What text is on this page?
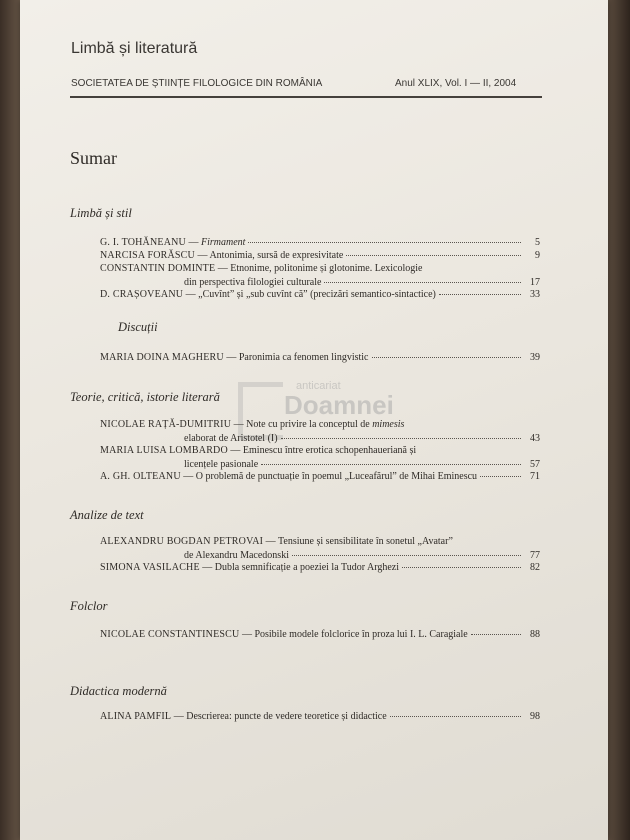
Limbă și literatură
SOCIETATEA DE ȘTIINȚE FILOLOGICE DIN ROMÂNIA	Anul XLIX, Vol. I — II, 2004
Sumar
anticariat
Doamnei
Limbă și stil
G. I. TOHĂNEANU — Firmament	5
NARCISA FORĂSCU — Antonimia, sursă de expresivitate	9
CONSTANTIN DOMINTE — Etnonime, politonime și glotonime. Lexicologie
din perspectiva filologiei culturale	17
D. CRAȘOVEANU — „Cuvînt” și „sub cuvînt că” (precizări semantico-sintactice)	33
Discuții
MARIA DOINA MAGHERU — Paronimia ca fenomen lingvistic	39
Teorie, critică, istorie literară
NICOLAE RAȚĂ-DUMITRIU — Note cu privire la conceptul de mimesis
elaborat de Aristotel (I)	43
MARIA LUISA LOMBARDO — Eminescu între erotica schopenhaueriană și
licențele pasionale	57
A. GH. OLTEANU — O problemă de punctuație în poemul „Luceafărul” de Mihai Eminescu	71
Analize de text
ALEXANDRU BOGDAN PETROVAI — Tensiune și sensibilitate în sonetul „Avatar”
de Alexandru Macedonski	77
SIMONA VASILACHE — Dubla semnificație a poeziei la Tudor Arghezi	82
Folclor
NICOLAE CONSTANTINESCU — Posibile modele folclorice în proza lui I. L. Caragiale	88
Didactica modernă
ALINA PAMFIL — Descrierea: puncte de vedere teoretice și didactice	98
